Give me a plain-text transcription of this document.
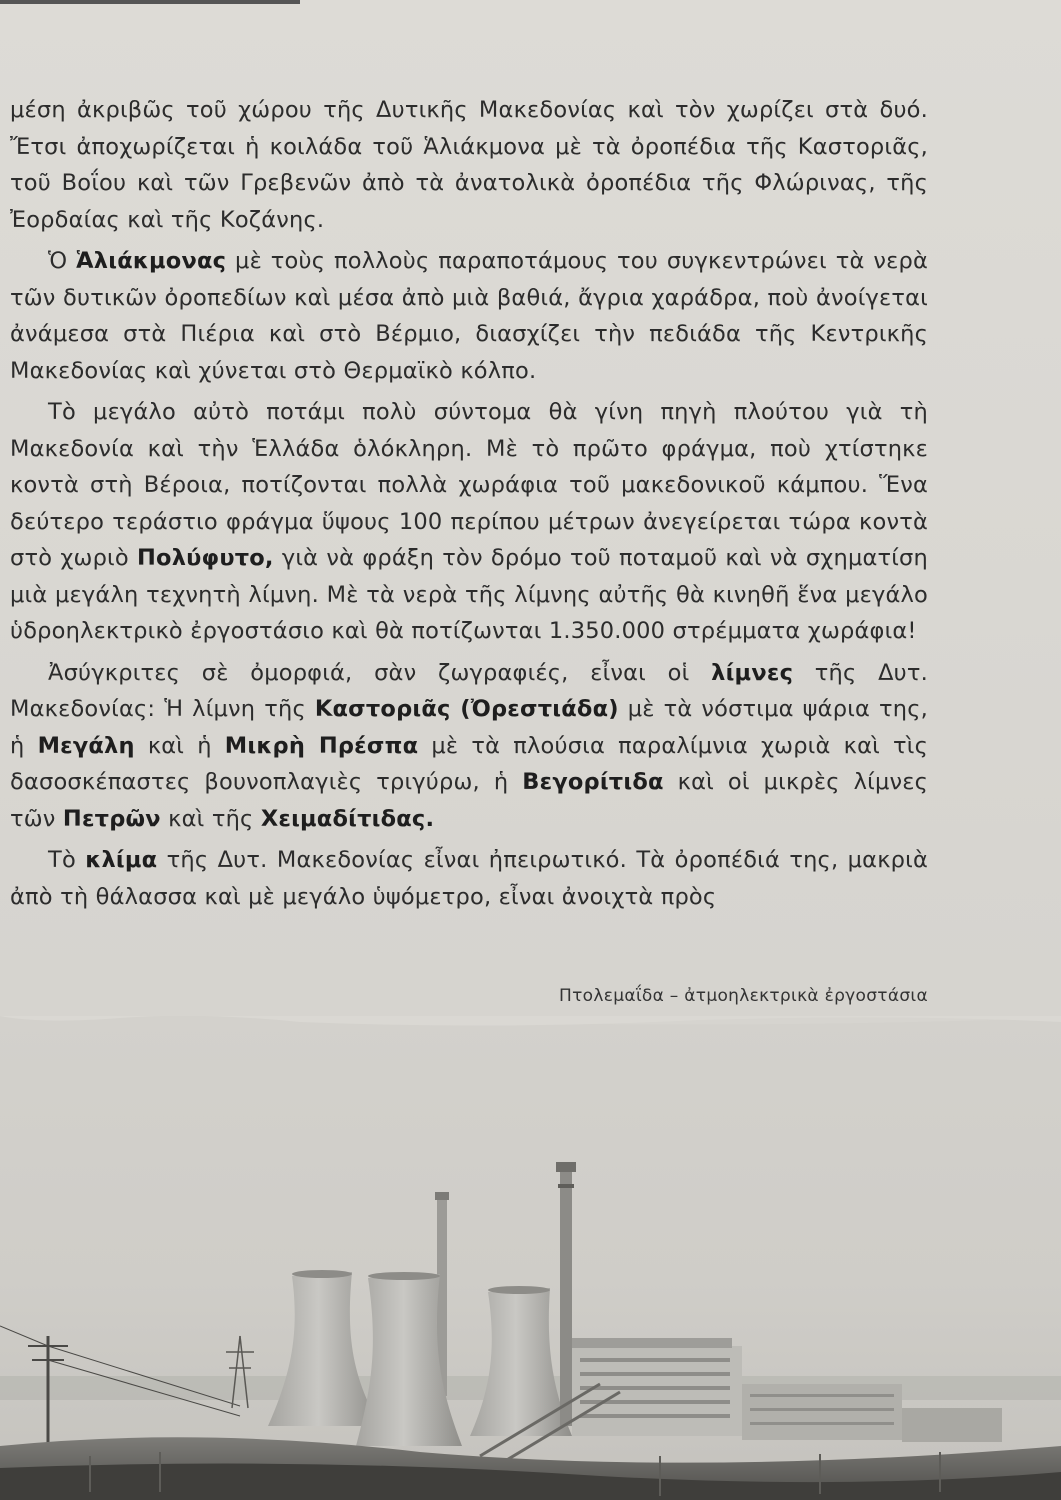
μέση ἀκριβῶς τοῦ χώρου τῆς Δυτικῆς Μακεδονίας καὶ τὸν χωρίζει στὰ δυό. Ἔτσι ἀποχωρίζεται ἡ κοιλάδα τοῦ Ἁλιάκμονα μὲ τὰ ὀροπέδια τῆς Καστοριᾶς, τοῦ Βοΐου καὶ τῶν Γρεβενῶν ἀπὸ τὰ ἀνατολικὰ ὀροπέδια τῆς Φλώρινας, τῆς Ἐορδαίας καὶ τῆς Κοζάνης.

Ὁ Ἁλιάκμονας μὲ τοὺς πολλοὺς παραποτάμους του συγκεντρώνει τὰ νερὰ τῶν δυτικῶν ὀροπεδίων καὶ μέσα ἀπὸ μιὰ βαθιά, ἄγρια χαράδρα, ποὺ ἀνοίγεται ἀνάμεσα στὰ Πιέρια καὶ στὸ Βέρμιο, διασχίζει τὴν πεδιάδα τῆς Κεντρικῆς Μακεδονίας καὶ χύνεται στὸ Θερμαϊκὸ κόλπο.

Τὸ μεγάλο αὐτὸ ποτάμι πολὺ σύντομα θὰ γίνη πηγὴ πλούτου γιὰ τὴ Μακεδονία καὶ τὴν Ἑλλάδα ὁλόκληρη. Μὲ τὸ πρῶτο φράγμα, ποὺ χτίστηκε κοντὰ στὴ Βέροια, ποτίζονται πολλὰ χωράφια τοῦ μακεδονικοῦ κάμπου. Ἕνα δεύτερο τεράστιο φράγμα ὕψους 100 περίπου μέτρων ἀνεγείρεται τώρα κοντὰ στὸ χωριὸ Πολύφυτο, γιὰ νὰ φράξη τὸν δρόμο τοῦ ποταμοῦ καὶ νὰ σχηματίση μιὰ μεγάλη τεχνητὴ λίμνη. Μὲ τὰ νερὰ τῆς λίμνης αὐτῆς θὰ κινηθῆ ἕνα μεγάλο ὑδροηλεκτρικὸ ἐργοστάσιο καὶ θὰ ποτίζωνται 1.350.000 στρέμματα χωράφια!

Ἀσύγκριτες σὲ ὀμορφιά, σὰν ζωγραφιές, εἶναι οἱ λίμνες τῆς Δυτ. Μακεδονίας: Ἡ λίμνη τῆς Καστοριᾶς (Ὀρεστιάδα) μὲ τὰ νόστιμα ψάρια της, ἡ Μεγάλη καὶ ἡ Μικρὴ Πρέσπα μὲ τὰ πλούσια παραλίμνια χωριὰ καὶ τὶς δασοσκέπαστες βουνοπλαγιὲς τριγύρω, ἡ Βεγορίτιδα καὶ οἱ μικρὲς λίμνες τῶν Πετρῶν καὶ τῆς Χειμαδίτιδας.

Τὸ κλίμα τῆς Δυτ. Μακεδονίας εἶναι ἠπειρωτικό. Τὰ ὀροπέδιά της, μακριὰ ἀπὸ τὴ θάλασσα καὶ μὲ μεγάλο ὑψόμετρο, εἶναι ἀνοιχτὰ πρὸς

Πτολεμαΐδα – ἀτμοηλεκτρικὰ ἐργοστάσια
